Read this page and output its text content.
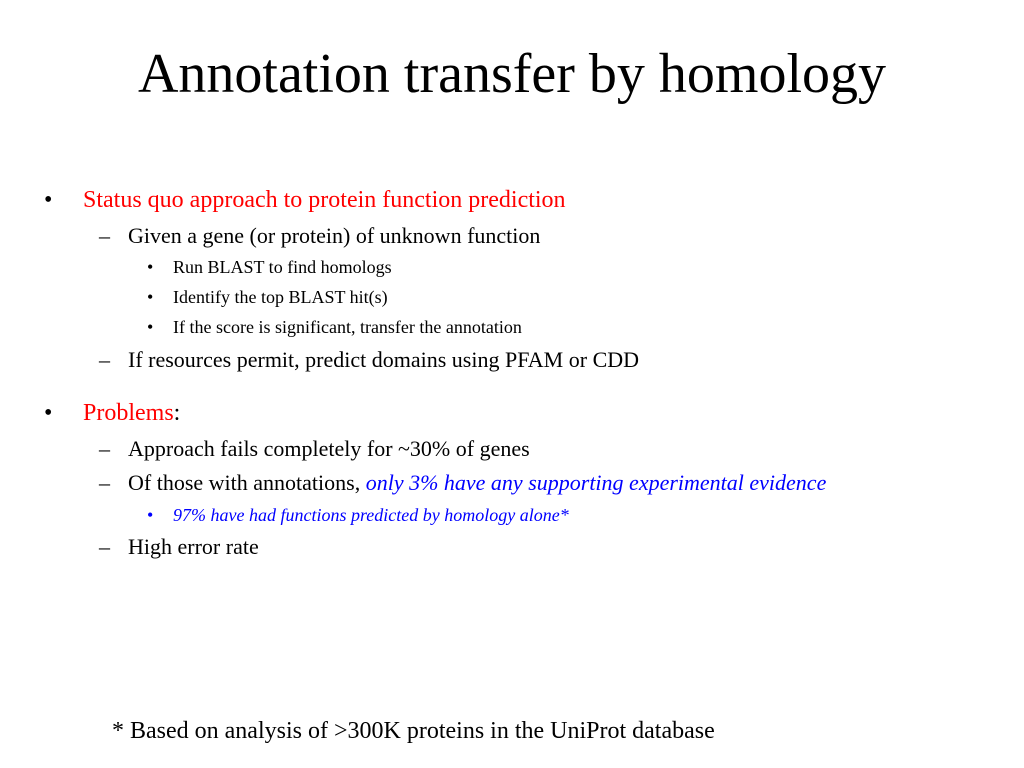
Annotation transfer by homology
• Status quo approach to protein function prediction
– Given a gene (or protein) of unknown function
• Run BLAST to find homologs
• Identify the top BLAST hit(s)
• If the score is significant, transfer the annotation
– If resources permit, predict domains using PFAM or CDD
• Problems:
– Approach fails completely for ~30% of genes
– Of those with annotations, only 3% have any supporting experimental evidence
• 97% have had functions predicted by homology alone*
– High error rate
* Based on analysis of >300K proteins in the UniProt database
